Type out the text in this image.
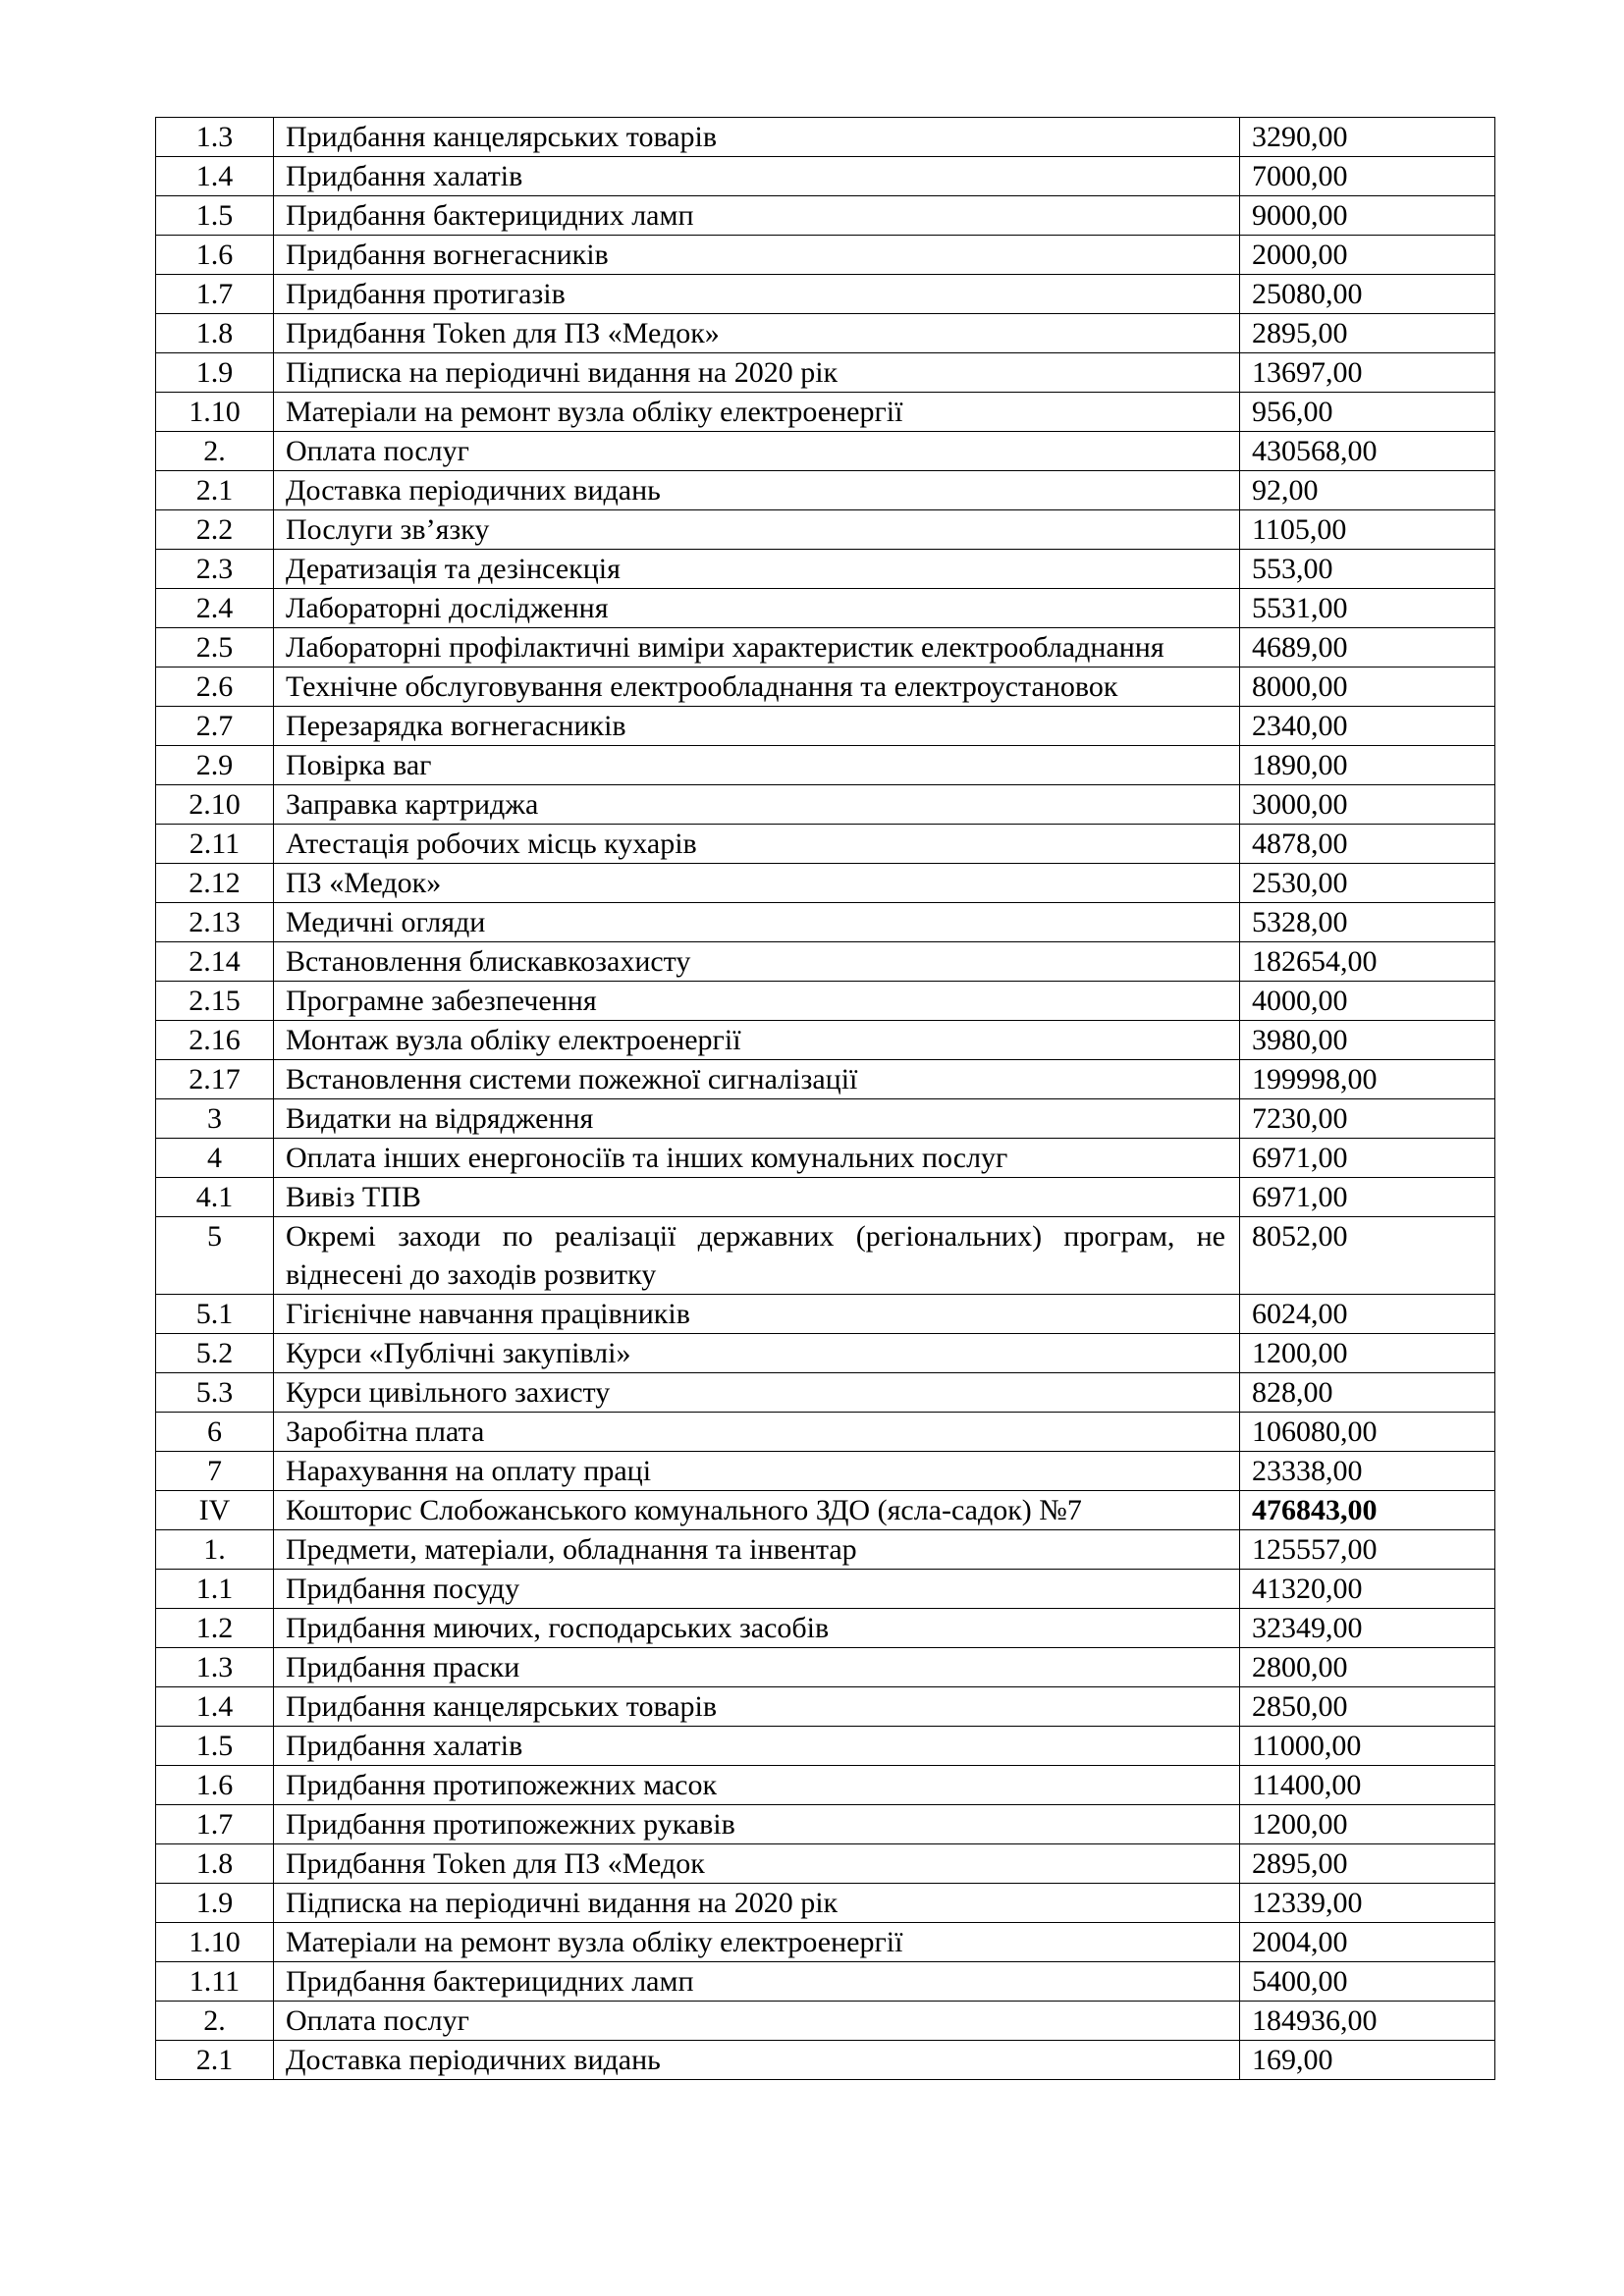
1.3	Придбання канцелярських товарів	3290,00
1.4	Придбання халатів	7000,00
1.5	Придбання бактерицидних ламп	9000,00
1.6	Придбання вогнегасників	2000,00
1.7	Придбання протигазів	25080,00
1.8	Придбання Token для ПЗ «Медок»	2895,00
1.9	Підписка на періодичні видання на 2020 рік	13697,00
1.10	Матеріали на ремонт вузла обліку електроенергії	956,00
2.	Оплата послуг	430568,00
2.1	Доставка періодичних видань	92,00
2.2	Послуги зв’язку	1105,00
2.3	Дератизація та дезінсекція	553,00
2.4	Лабораторні дослідження	5531,00
2.5	Лабораторні профілактичні виміри характеристик електрообладнання	4689,00
2.6	Технічне обслуговування електрообладнання та електроустановок	8000,00
2.7	Перезарядка вогнегасників	2340,00
2.9	Повірка ваг	1890,00
2.10	Заправка картриджа	3000,00
2.11	Атестація робочих місць кухарів	4878,00
2.12	ПЗ «Медок»	2530,00
2.13	Медичні огляди	5328,00
2.14	Встановлення блискавкозахисту	182654,00
2.15	Програмне забезпечення	4000,00
2.16	Монтаж вузла обліку електроенергії	3980,00
2.17	Встановлення системи пожежної сигналізації	199998,00
3	Видатки на відрядження	7230,00
4	Оплата інших енергоносіїв та інших комунальних послуг	6971,00
4.1	Вивіз ТПВ	6971,00
5	Окремі заходи по реалізації державних (регіональних) програм, не віднесені до заходів розвитку	8052,00
5.1	Гігієнічне навчання працівників	6024,00
5.2	Курси «Публічні закупівлі»	1200,00
5.3	Курси цивільного захисту	828,00
6	Заробітна плата	106080,00
7	Нарахування на оплату праці	23338,00
IV	Кошторис Слобожанського комунального ЗДО (ясла-садок) №7	476843,00
1.	Предмети, матеріали, обладнання та інвентар	125557,00
1.1	Придбання посуду	41320,00
1.2	Придбання миючих, господарських засобів	32349,00
1.3	Придбання праски	2800,00
1.4	Придбання канцелярських товарів	2850,00
1.5	Придбання халатів	11000,00
1.6	Придбання протипожежних масок	11400,00
1.7	Придбання протипожежних рукавів	1200,00
1.8	Придбання Token для ПЗ «Медок	2895,00
1.9	Підписка на періодичні видання на 2020 рік	12339,00
1.10	Матеріали на ремонт вузла обліку електроенергії	2004,00
1.11	Придбання бактерицидних ламп	5400,00
2.	Оплата послуг	184936,00
2.1	Доставка періодичних видань	169,00
